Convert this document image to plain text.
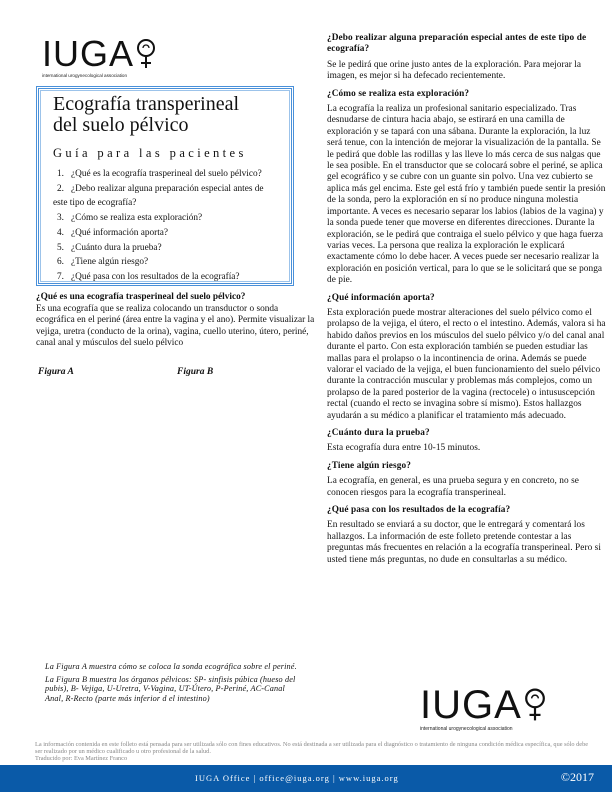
IUGA
international urogynecological association
Ecografía transperineal
del suelo pélvico
Guía para las pacientes
1. ¿Qué es la ecografía trasperineal del suelo pélvico?
2. ¿Debo realizar alguna preparación especial antes de
este tipo de ecografía?
3. ¿Cómo se realiza esta exploración?
4. ¿Qué información aporta?
5. ¿Cuánto dura la prueba?
6. ¿Tiene algún riesgo?
7. ¿Qué pasa con los resultados de la ecografía?
¿Qué es una ecografía trasperineal del suelo pélvico?

Es una ecografía que se realiza colocando un transductor o sonda ecográfica en el periné (área entre la vagina y el ano). Permite visualizar la vejiga, uretra (conducto de la orina), vagina, cuello uterino, útero, periné, canal anal y músculos del suelo pélvico

Figura A	Figura B

La Figura A muestra cómo se coloca la sonda ecográfica sobre el periné.

La Figura B muestra los órganos pélvicos: SP- sinfisis púbica (hueso del pubis), B- Vejiga, U-Uretra, V-Vagina, UT-Útero, P-Periné, AC-Canal Anal, R-Recto (parte más inferior d el intestino)

¿Debo realizar alguna preparación especial antes de este tipo de ecografía?

Se le pedirá que orine justo antes de la exploración. Para mejorar la imagen, es mejor si ha defecado recientemente.

¿Cómo se realiza esta exploración?

La ecografía la realiza un profesional sanitario especializado. Tras desnudarse de cintura hacia abajo, se estirará en una camilla de exploración y se tapará con una sábana. Durante la exploración, la luz será tenue, con la intención de mejorar la visualización de la pantalla. Se le pedirá que doble las rodillas y las lleve lo más cerca de sus nalgas que le sea posible. En el transductor que se colocará sobre el periné, se aplica gel ecográfico y se cubre con un guante sin polvo. Una vez cubierto se aplica más gel encima. Este gel está frío y también puede sentir la presión de la sonda, pero la exploración en sí no produce ninguna molestia importante. A veces es necesario separar los labios (labios de la vagina) y la sonda puede tener que moverse en diferentes direcciones. Durante la exploración, se le pedirá que contraiga el suelo pélvico y que haga fuerza varias veces. La persona que realiza la exploración le explicará exactamente cómo lo debe hacer. A veces puede ser necesario realizar la exploración en posición vertical, para lo que se le solicitará que se ponga de pie.

¿Qué información aporta?

Esta exploración puede mostrar alteraciones del suelo pélvico como el prolapso de la vejiga, el útero, el recto o el intestino. Además, valora si ha habido daños previos en los músculos del suelo pélvico y/o del canal anal durante el parto. Con esta exploración también se pueden estudiar las mallas para el prolapso o la incontinencia de orina. Además se puede valorar el vaciado de la vejiga, el buen funcionamiento del suelo pélvico durante la contracción muscular y problemas más complejos, como un prolapso de la pared posterior de la vagina (rectocele) o intususcepción rectal (cuando el recto se invagina sobre sí mismo). Estos hallazgos ayudarán a su médico a planificar el tratamiento más adecuado.

¿Cuánto dura la prueba?

Esta ecografía dura entre 10-15 minutos.

¿Tiene algún riesgo?

La ecografía, en general, es una prueba segura y en concreto, no se conocen riesgos para la ecografía transperineal.

¿Qué pasa con los resultados de la ecografía?

En resultado se enviará a su doctor, que le entregará y comentará los hallazgos. La información de este folleto pretende contestar a las preguntas más frecuentes en relación a la ecografía transperineal. Pero si usted tiene más preguntas, no dude en consultarlas a su médico.

IUGA
international urogynecological association
La información contenida en este folleto está pensada para ser utilizada sólo con fines educativos. No está destinada a ser utilizada para el diagnóstico o tratamiento de ninguna condición médica específica, que sólo debe ser realizado por un médico cualificado u otro profesional de la salud.
Traducido por: Eva Martínez Franco
IUGA Office | office@iuga.org | www.iuga.org	©2017
